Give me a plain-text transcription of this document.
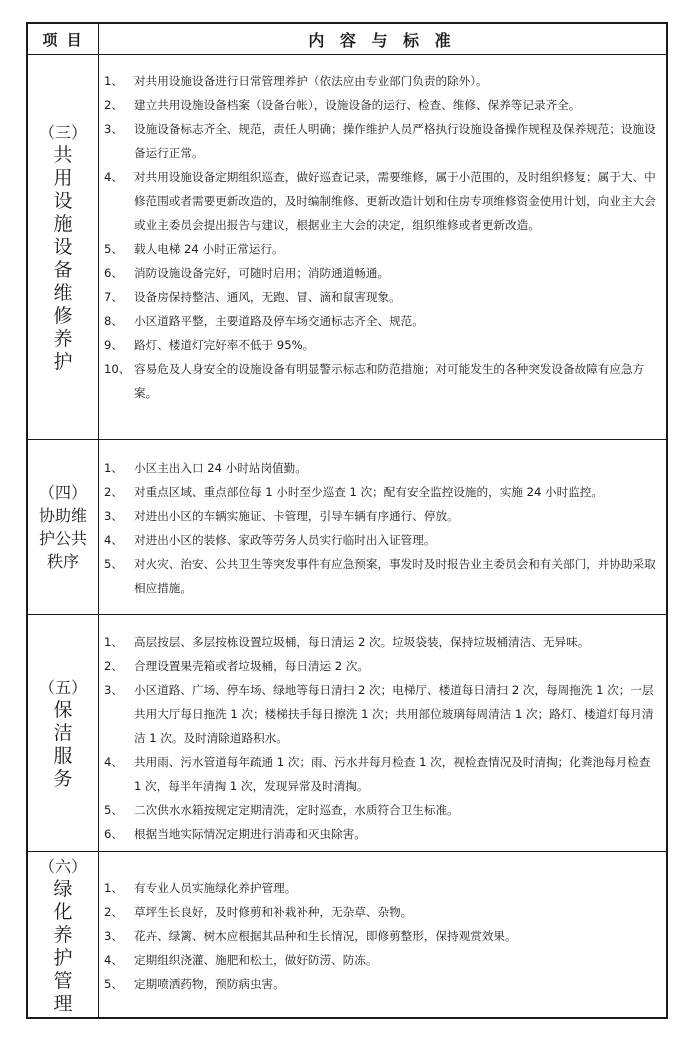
项 目	内 容 与 标 准
（三）
共
用
设
施
设
备
维
修
养
护
1、 对共用设施设备进行日常管理养护（依法应由专业部门负责的除外）。
2、 建立共用设施设备档案（设备台帐），设施设备的运行、检查、维修、保养等记录齐全。
3、 设施设备标志齐全、规范，责任人明确；操作维护人员严格执行设施设备操作规程及保养规范；设施设备运行正常。
4、 对共用设施设备定期组织巡查，做好巡查记录，需要维修，属于小范围的，及时组织修复；属于大、中修范围或者需要更新改造的，及时编制维修、更新改造计划和住房专项维修资金使用计划，向业主大会或业主委员会提出报告与建议，根据业主大会的决定，组织维修或者更新改造。
5、 载人电梯 24 小时正常运行。
6、 消防设施设备完好，可随时启用；消防通道畅通。
7、 设备房保持整洁、通风，无跑、冒、滴和鼠害现象。
8、 小区道路平整，主要道路及停车场交通标志齐全、规范。
9、 路灯、楼道灯完好率不低于 95%。
10、 容易危及人身安全的设施设备有明显警示标志和防范措施；对可能发生的各种突发设备故障有应急方案。
（四）
协助维
护公共
秩序
1、 小区主出入口 24 小时站岗值勤。
2、 对重点区域、重点部位每 1 小时至少巡查 1 次；配有安全监控设施的，实施 24 小时监控。
3、 对进出小区的车辆实施证、卡管理，引导车辆有序通行、停放。
4、 对进出小区的装修、家政等劳务人员实行临时出入证管理。
5、 对火灾、治安、公共卫生等突发事件有应急预案，事发时及时报告业主委员会和有关部门，并协助采取相应措施。
（五）
保
洁
服
务
1、 高层按层、多层按栋设置垃圾桶，每日清运 2 次。垃圾袋装，保持垃圾桶清洁、无异味。
2、 合理设置果壳箱或者垃圾桶，每日清运 2 次。
3、 小区道路、广场、停车场、绿地等每日清扫 2 次；电梯厅、楼道每日清扫 2 次，每周拖洗 1 次；一层共用大厅每日拖洗 1 次；楼梯扶手每日擦洗 1 次；共用部位玻璃每周清洁 1 次；路灯、楼道灯每月清洁 1 次。及时清除道路积水。
4、 共用雨、污水管道每年疏通 1 次；雨、污水井每月检查 1 次，视检查情况及时清掏；化粪池每月检查 1 次，每半年清掏 1 次，发现异常及时清掏。
5、 二次供水水箱按规定定期清洗，定时巡查，水质符合卫生标准。
6、 根据当地实际情况定期进行消毒和灭虫除害。
（六）
绿
化
养
护
管
理
1、 有专业人员实施绿化养护管理。
2、 草坪生长良好，及时修剪和补栽补种，无杂草、杂物。
3、 花卉、绿篱、树木应根据其品种和生长情况，即修剪整形，保持观赏效果。
4、 定期组织浇灌、施肥和松土，做好防涝、防冻。
5、 定期喷洒药物，预防病虫害。
